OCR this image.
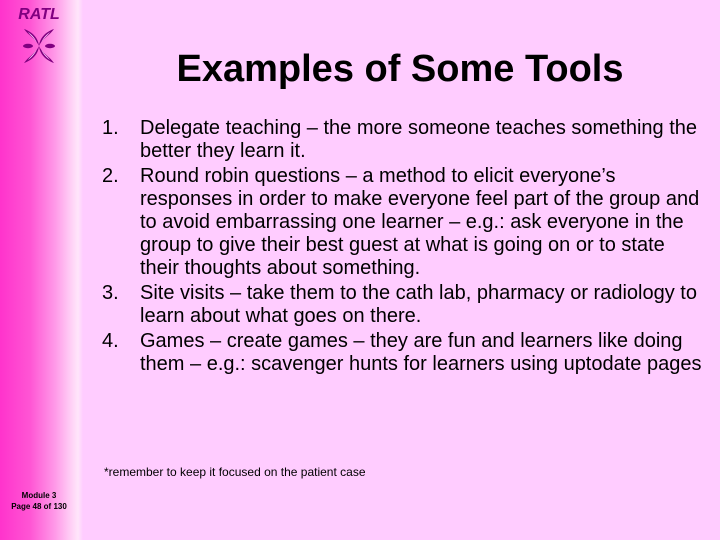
RATL
Module 3
Page 48 of 130
Examples of Some Tools
1. Delegate teaching – the more someone teaches something the better they learn it.
2. Round robin questions – a method to elicit everyone’s responses in order to make everyone feel part of the group and to avoid embarrassing one learner – e.g.: ask everyone in the group to give their best guest at what is going on or to state their thoughts about something.
3. Site visits – take them to the cath lab, pharmacy or radiology to learn about what goes on there.
4. Games – create games – they are fun and learners like doing them – e.g.: scavenger hunts for learners using uptodate pages
*remember to keep it focused on the patient case
